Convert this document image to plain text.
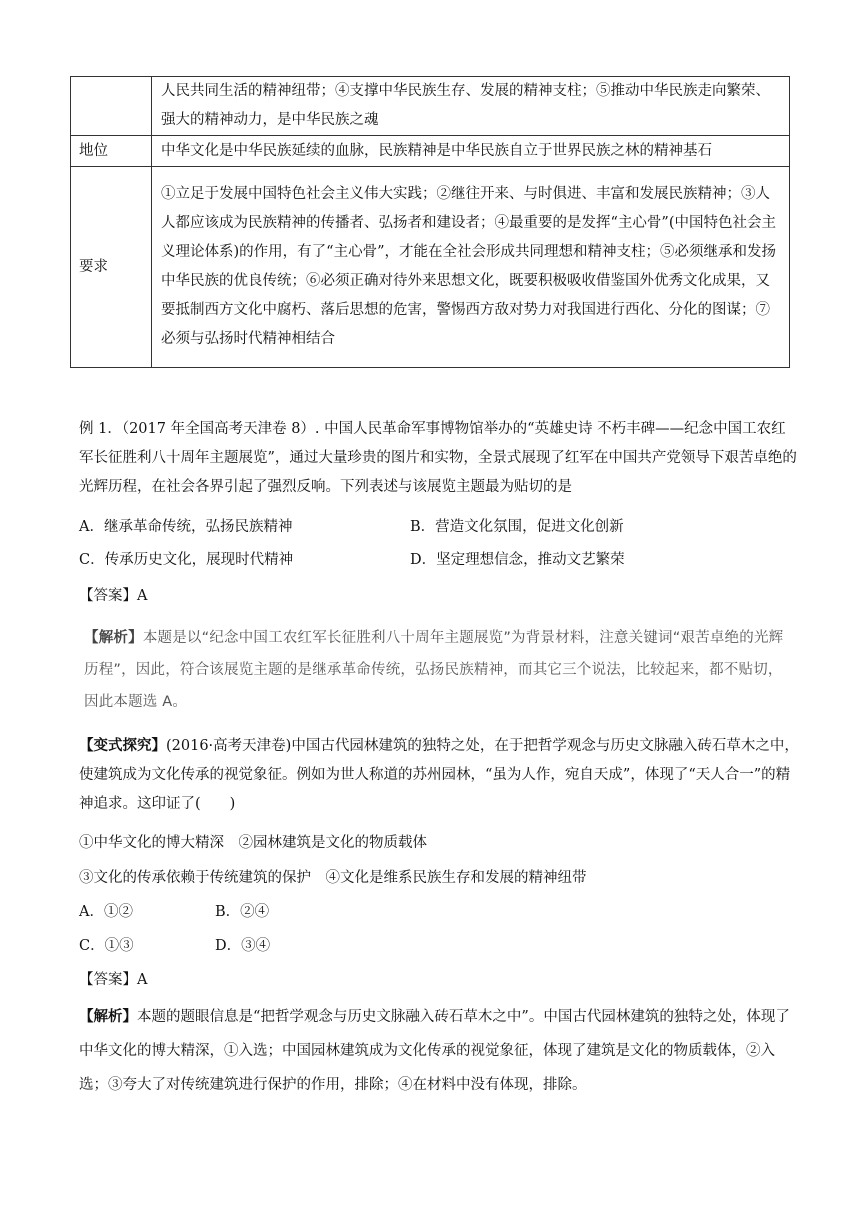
	人民共同生活的精神纽带；④支撑中华民族生存、发展的精神支柱；⑤推动中华民族走向繁荣、强大的精神动力，是中华民族之魂
地位	中华文化是中华民族延续的血脉，民族精神是中华民族自立于世界民族之林的精神基石
要求	①立足于发展中国特色社会主义伟大实践；②继往开来、与时俱进、丰富和发展民族精神；③人人都应该成为民族精神的传播者、弘扬者和建设者；④最重要的是发挥“主心骨”(中国特色社会主义理论体系)的作用，有了“主心骨”，才能在全社会形成共同理想和精神支柱；⑤必须继承和发扬中华民族的优良传统；⑥必须正确对待外来思想文化，既要积极吸收借鉴国外优秀文化成果，又要抵制西方文化中腐朽、落后思想的危害，警惕西方敌对势力对我国进行西化、分化的图谋；⑦必须与弘扬时代精神相结合
例 1．（2017 年全国高考天津卷 8）. 中国人民革命军事博物馆举办的“英雄史诗 不朽丰碑——纪念中国工农红军长征胜利八十周年主题展览”，通过大量珍贵的图片和实物，全景式展现了红军在中国共产党领导下艰苦卓绝的光辉历程，在社会各界引起了强烈反响。下列表述与该展览主题最为贴切的是
A．继承革命传统，弘扬民族精神	B．营造文化氛围，促进文化创新
C．传承历史文化，展现时代精神	D．坚定理想信念，推动文艺繁荣
【答案】A
【解析】本题是以“纪念中国工农红军长征胜利八十周年主题展览”为背景材料，注意关键词“艰苦卓绝的光辉历程”，因此，符合该展览主题的是继承革命传统，弘扬民族精神，而其它三个说法，比较起来，都不贴切，因此本题选 A。
【变式探究】(2016·高考天津卷)中国古代园林建筑的独特之处，在于把哲学观念与历史文脉融入砖石草木之中，使建筑成为文化传承的视觉象征。例如为世人称道的苏州园林，“虽为人作，宛自天成”，体现了“天人合一”的精神追求。这印证了(　　)
①中华文化的博大精深　②园林建筑是文化的物质载体
③文化的传承依赖于传统建筑的保护　④文化是维系民族生存和发展的精神纽带
A．①②	B．②④
C．①③	D．③④
【答案】A
【解析】本题的题眼信息是“把哲学观念与历史文脉融入砖石草木之中”。中国古代园林建筑的独特之处，体现了中华文化的博大精深，①入选；中国园林建筑成为文化传承的视觉象征，体现了建筑是文化的物质载体，②入选；③夸大了对传统建筑进行保护的作用，排除；④在材料中没有体现，排除。
